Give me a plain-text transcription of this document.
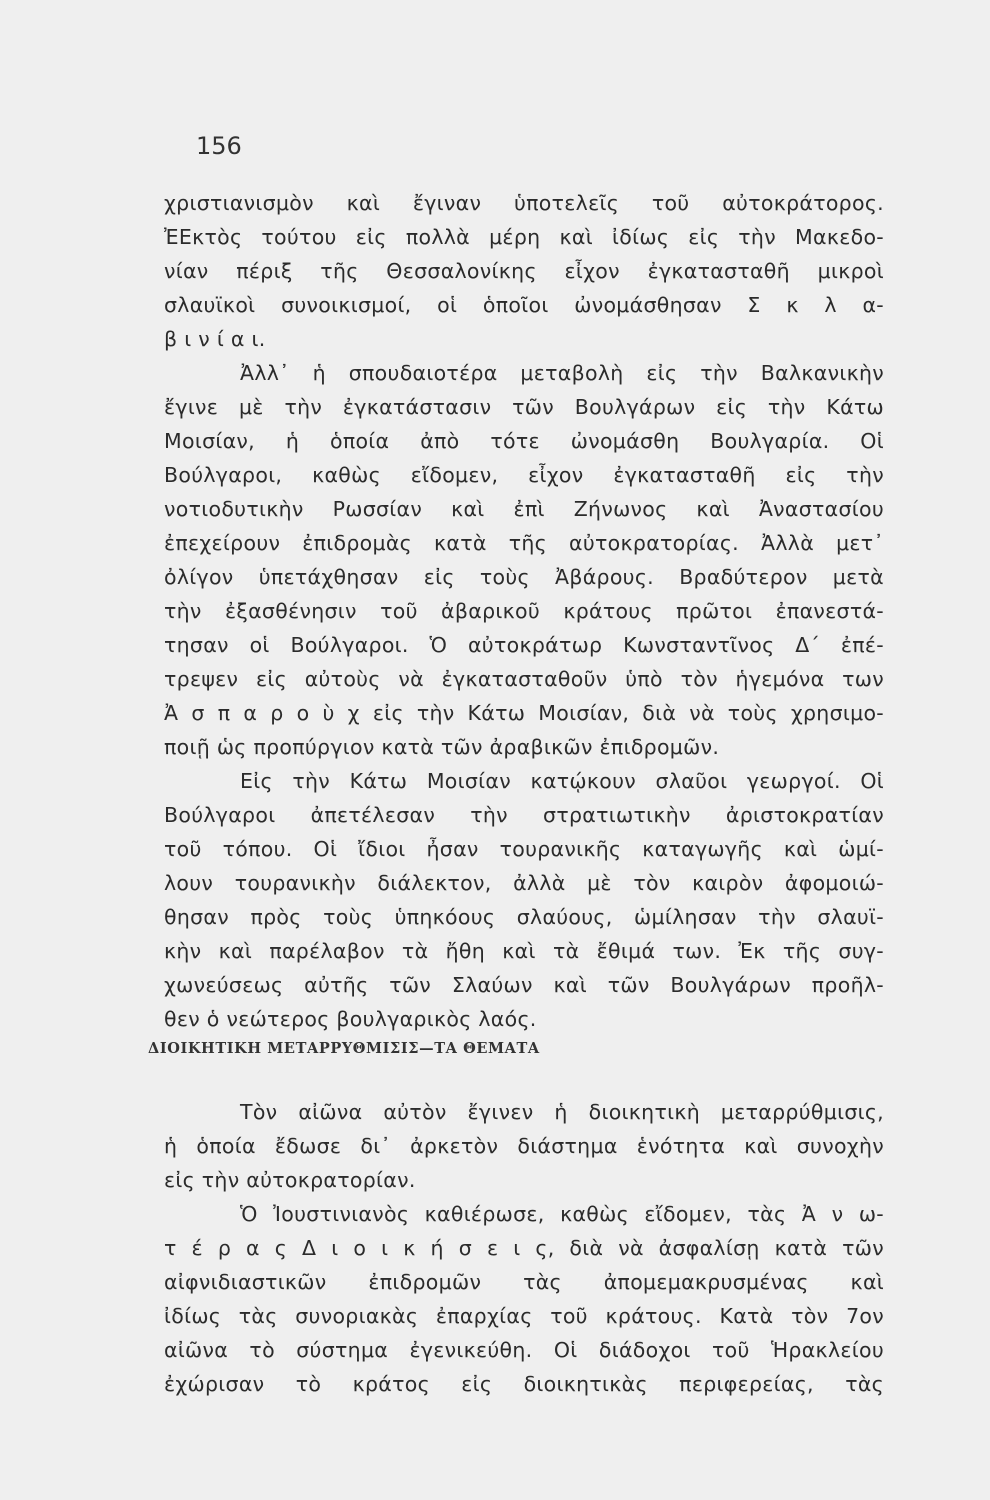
156
χριστιανισμὸν καὶ ἔγιναν ὑποτελεῖς τοῦ αὐτοκράτορος.
ἘΕκτὸς τούτου εἰς πολλὰ μέρη καὶ ἰδίως εἰς τὴν Μακεδο-
νίαν πέριξ τῆς Θεσσαλονίκης εἶχον ἐγκατασταθῆ μικροὶ
σλαυϊκοὶ συνοικισμοί, οἱ ὁποῖοι ὠνομάσθησαν Σ κ λ α-
β ι ν ί α ι.
Ἀλλ᾿ ἡ σπουδαιοτέρα μεταβολὴ εἰς τὴν Βαλκανικὴν
ἔγινε μὲ τὴν ἐγκατάστασιν τῶν Βουλγάρων εἰς τὴν Κάτω
Μοισίαν, ἡ ὁποία ἀπὸ τότε ὠνομάσθη Βουλγαρία. Οἱ
Βούλγαροι, καθὼς εἴδομεν, εἶχον ἐγκατασταθῆ εἰς τὴν
νοτιοδυτικὴν Ρωσσίαν καὶ ἐπὶ Ζήνωνος καὶ Ἀναστασίου
ἐπεχείρουν ἐπιδρομὰς κατὰ τῆς αὐτοκρατορίας. Ἀλλὰ μετ᾿
ὀλίγον ὑπετάχθησαν εἰς τοὺς Ἀβάρους. Βραδύτερον μετὰ
τὴν ἐξασθένησιν τοῦ ἀβαρικοῦ κράτους πρῶτοι ἐπανεστά-
τησαν οἱ Βούλγαροι. Ὁ αὐτοκράτωρ Κωνσταντῖνος Δ΄ ἐπέ-
τρεψεν εἰς αὐτοὺς νὰ ἐγκατασταθοῦν ὑπὸ τὸν ἡγεμόνα των
Ἀ σ π α ρ ο ὺ χ εἰς τὴν Κάτω Μοισίαν, διὰ νὰ τοὺς χρησιμο-
ποιῇ ὡς προπύργιον κατὰ τῶν ἀραβικῶν ἐπιδρομῶν.
Εἰς τὴν Κάτω Μοισίαν κατῴκουν σλαῦοι γεωργοί. Οἱ
Βούλγαροι ἀπετέλεσαν τὴν στρατιωτικὴν ἀριστοκρατίαν
τοῦ τόπου. Οἱ ἴδιοι ἦσαν τουρανικῆς καταγωγῆς καὶ ὡμί-
λουν τουρανικὴν διάλεκτον, ἀλλὰ μὲ τὸν καιρὸν ἀφομοιώ-
θησαν πρὸς τοὺς ὑπηκόους σλαύους, ὡμίλησαν τὴν σλαυϊ-
κὴν καὶ παρέλαβον τὰ ἤθη καὶ τὰ ἔθιμά των. Ἐκ τῆς συγ-
χωνεύσεως αὐτῆς τῶν Σλαύων καὶ τῶν Βουλγάρων προῆλ-
θεν ὁ νεώτερος βουλγαρικὸς λαός.
ΔΙΟΙΚΗΤΙΚΗ ΜΕΤΑΡΡΥΘΜΙΣΙΣ—ΤΑ ΘΕΜΑΤΑ
Τὸν αἰῶνα αὐτὸν ἔγινεν ἡ διοικητικὴ μεταρρύθμισις,
ἡ ὁποία ἔδωσε δι᾿ ἀρκετὸν διάστημα ἑνότητα καὶ συνοχὴν
εἰς τὴν αὐτοκρατορίαν.
Ὁ Ἰουστινιανὸς καθιέρωσε, καθὼς εἴδομεν, τὰς Ἀ ν ω-
τ έ ρ α ς Δ ι ο ι κ ή σ ε ι ς, διὰ νὰ ἀσφαλίσῃ κατὰ τῶν
αἰφνιδιαστικῶν ἐπιδρομῶν τὰς ἀπομεμακρυσμένας καὶ
ἰδίως τὰς συνοριακὰς ἐπαρχίας τοῦ κράτους. Κατὰ τὸν 7ον
αἰῶνα τὸ σύστημα ἐγενικεύθη. Οἱ διάδοχοι τοῦ Ἡρακλείου
ἐχώρισαν τὸ κράτος εἰς διοικητικὰς περιφερείας, τὰς
